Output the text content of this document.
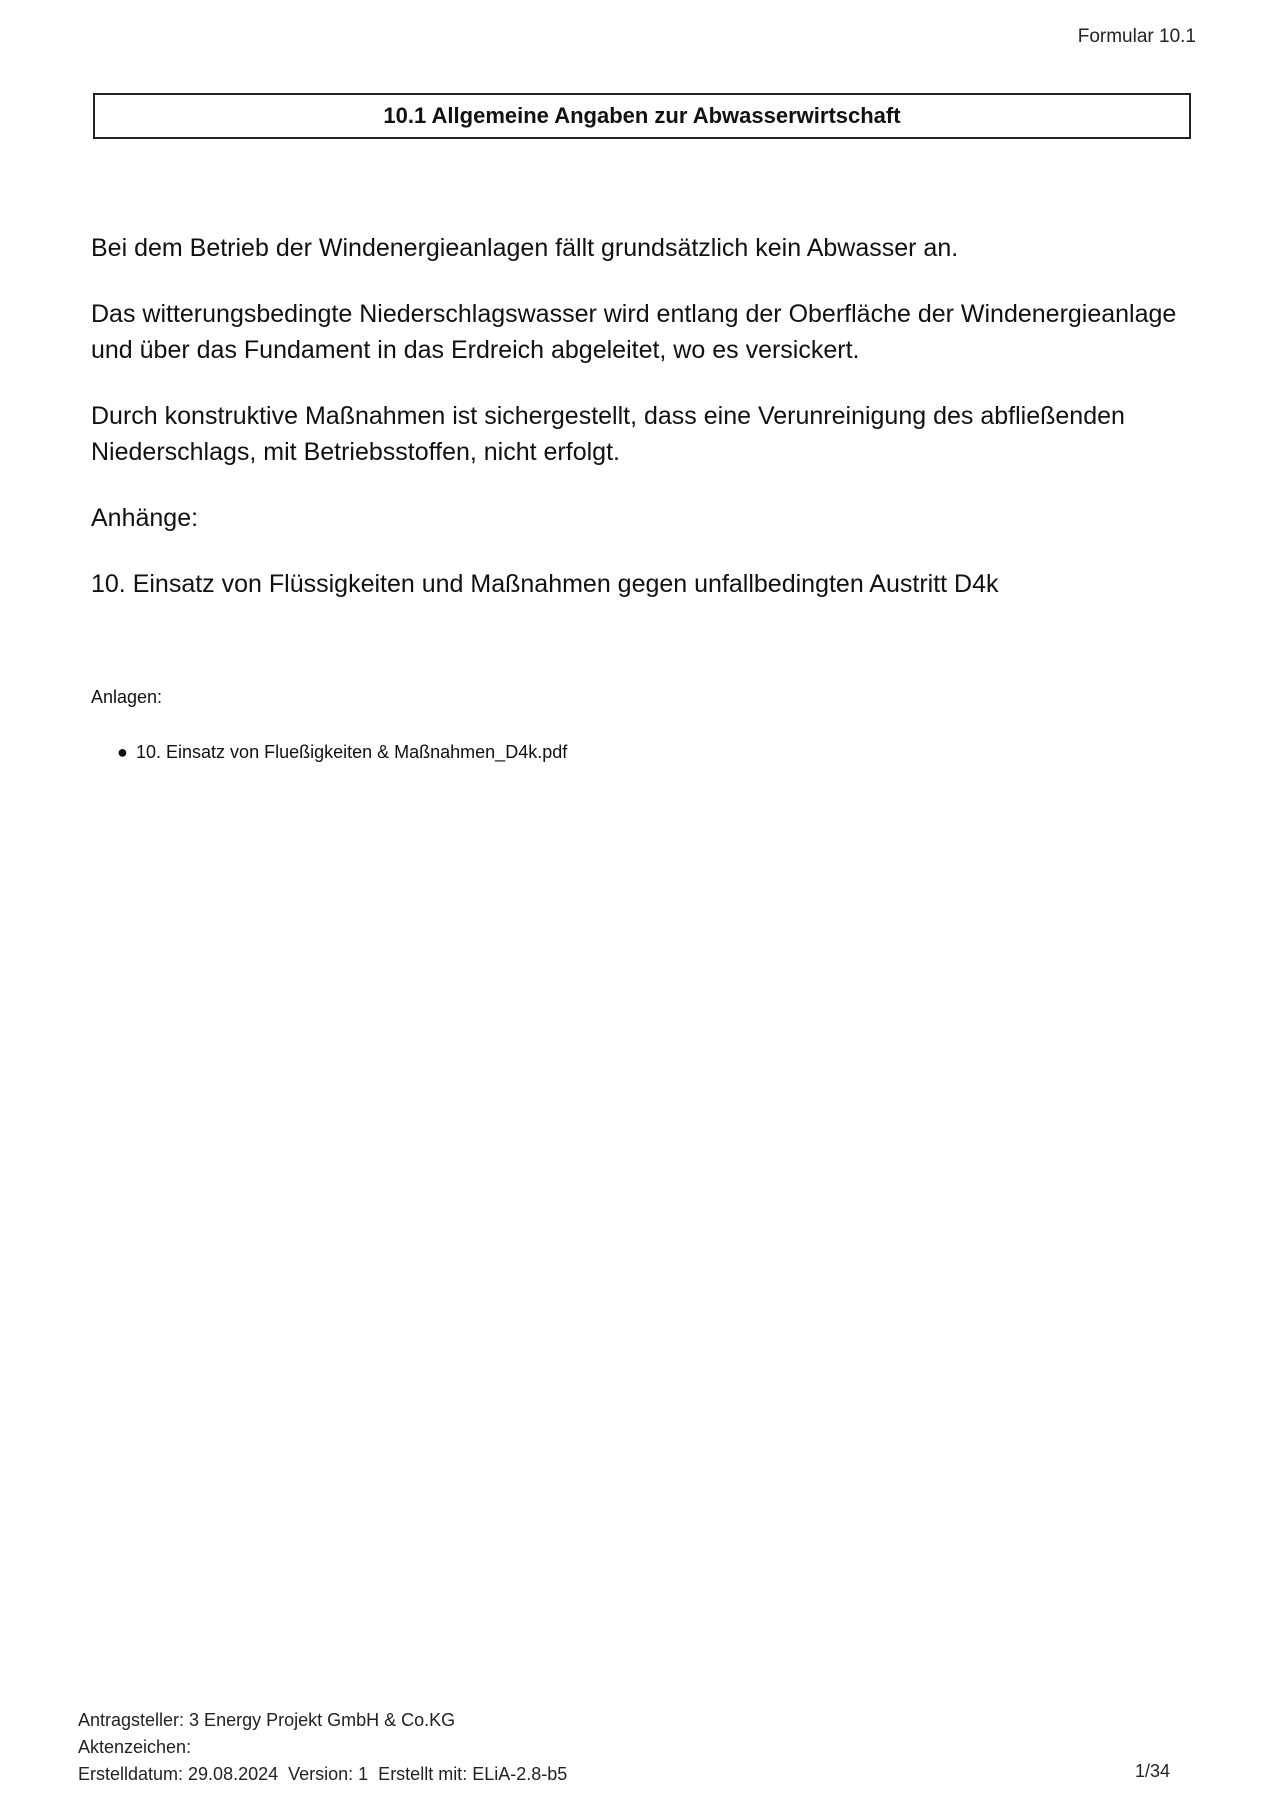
Formular 10.1
10.1 Allgemeine Angaben zur Abwasserwirtschaft

Bei dem Betrieb der Windenergieanlagen fällt grundsätzlich kein Abwasser an.

Das witterungsbedingte Niederschlagswasser wird entlang der Oberfläche der Windenergieanlage und über das Fundament in das Erdreich abgeleitet, wo es versickert.

Durch konstruktive Maßnahmen ist sichergestellt, dass eine Verunreinigung des abfließenden Niederschlags, mit Betriebsstoffen, nicht erfolgt.

Anhänge:

10. Einsatz von Flüssigkeiten und Maßnahmen gegen unfallbedingten Austritt D4k

Anlagen:
● 10. Einsatz von Flueßigkeiten & Maßnahmen_D4k.pdf
Antragsteller: 3 Energy Projekt GmbH & Co.KG
Aktenzeichen:
Erstelldatum: 29.08.2024  Version: 1  Erstellt mit: ELiA-2.8-b5	1/34
